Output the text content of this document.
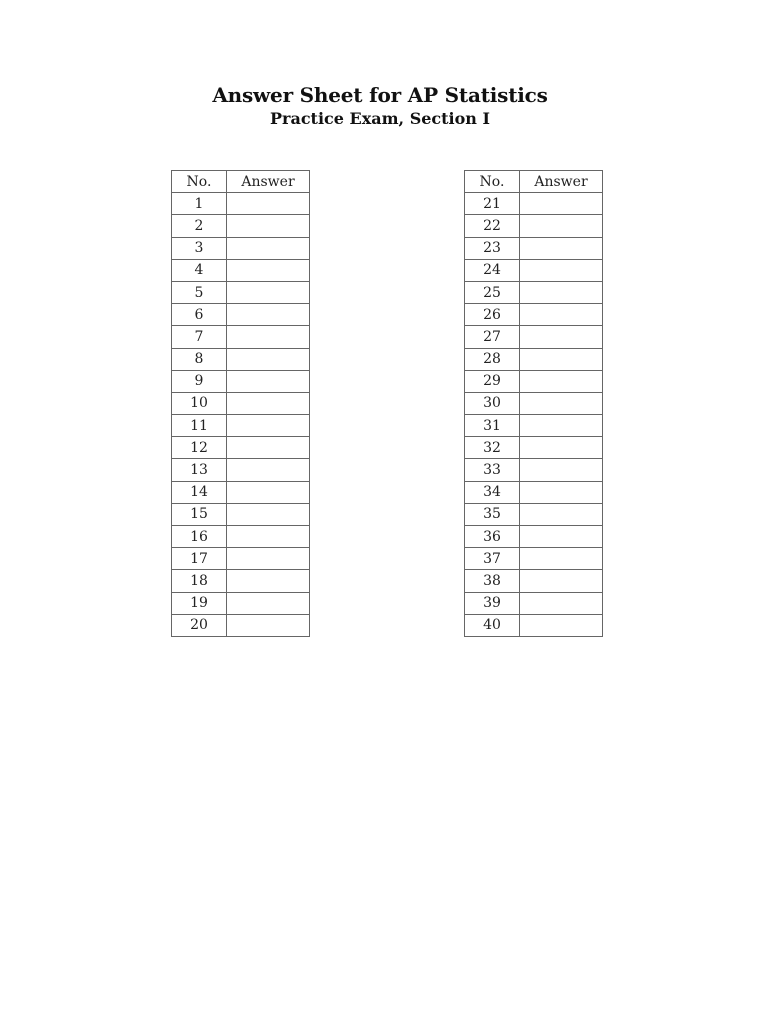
Answer Sheet for AP Statistics
Practice Exam, Section I
No.	Answer
1	
2	
3	
4	
5	
6	
7	
8	
9	
10	
11	
12	
13	
14	
15	
16	
17	
18	
19	
20	
No.	Answer
21	
22	
23	
24	
25	
26	
27	
28	
29	
30	
31	
32	
33	
34	
35	
36	
37	
38	
39	
40	
